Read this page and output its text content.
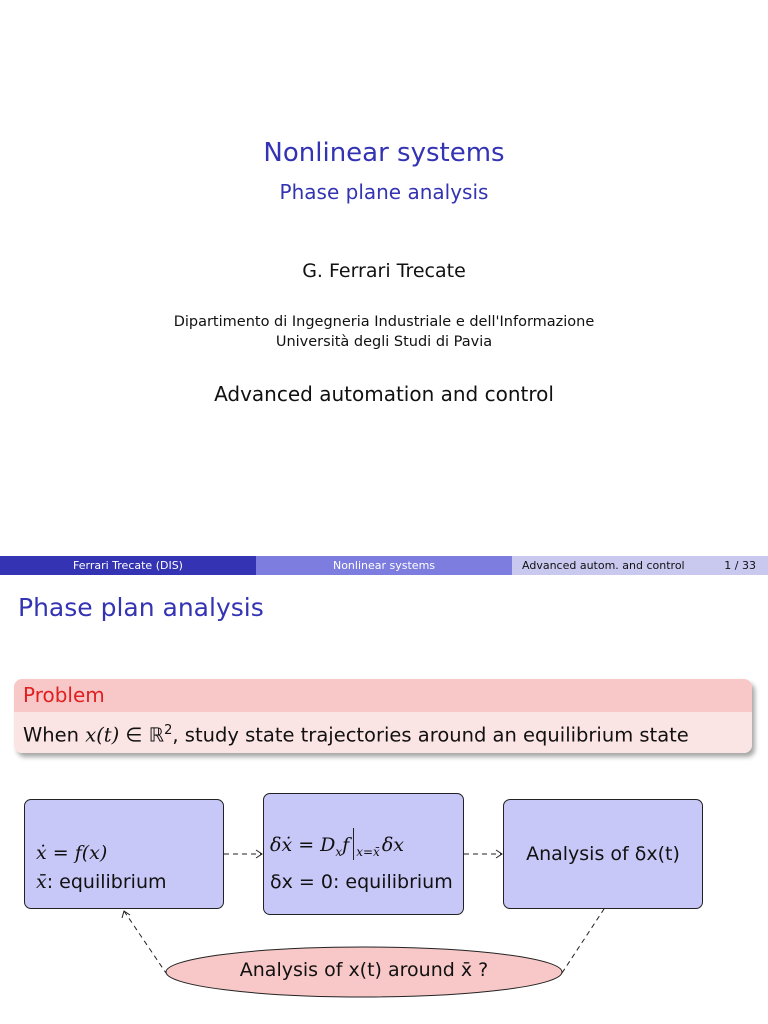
Nonlinear systems
Phase plane analysis
G. Ferrari Trecate
Dipartimento di Ingegneria Industriale e dell'Informazione
Università degli Studi di Pavia
Advanced automation and control
Ferrari Trecate (DIS)	Nonlinear systems	Advanced autom. and control	1 / 33
Phase plan analysis
Problem
When x(t) ∈ ℝ$^2$, study state trajectories around an equilibrium state
ẋ = f(x)
x̄: equilibrium
δẋ = $D_xf$ $_{x=x̄}$ δx
δx = 0: equilibrium
Analysis of δx(t)
Analysis of x(t) around x̄ ?
